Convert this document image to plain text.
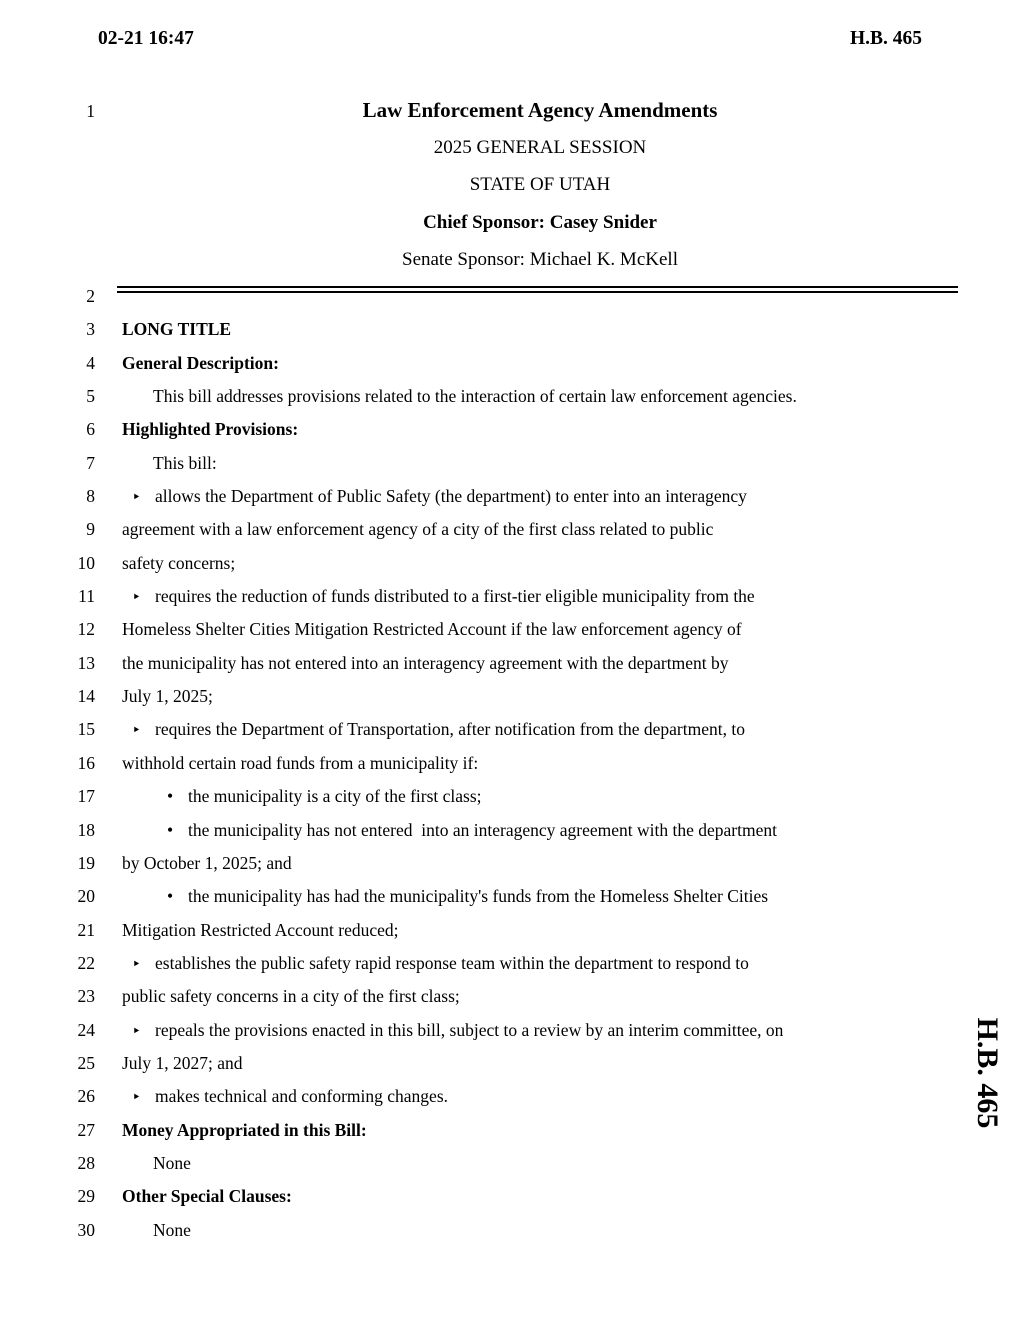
02-21 16:47	H.B. 465
1	Law Enforcement Agency Amendments
2025 GENERAL SESSION
STATE OF UTAH
Chief Sponsor: Casey Snider
Senate Sponsor: Michael K. McKell
2
3	LONG TITLE
4	General Description:
5	This bill addresses provisions related to the interaction of certain law enforcement agencies.
6	Highlighted Provisions:
7	This bill:
8	‣ allows the Department of Public Safety (the department) to enter into an interagency
9	agreement with a law enforcement agency of a city of the first class related to public
10	safety concerns;
11	‣ requires the reduction of funds distributed to a first-tier eligible municipality from the
12	Homeless Shelter Cities Mitigation Restricted Account if the law enforcement agency of
13	the municipality has not entered into an interagency agreement with the department by
14	July 1, 2025;
15	‣ requires the Department of Transportation, after notification from the department, to
16	withhold certain road funds from a municipality if:
17	• the municipality is a city of the first class;
18	• the municipality has not entered  into an interagency agreement with the department
19	by October 1, 2025; and
20	• the municipality has had the municipality's funds from the Homeless Shelter Cities
21	Mitigation Restricted Account reduced;
22	‣ establishes the public safety rapid response team within the department to respond to
23	public safety concerns in a city of the first class;
24	‣ repeals the provisions enacted in this bill, subject to a review by an interim committee, on
25	July 1, 2027; and
26	‣ makes technical and conforming changes.
27	Money Appropriated in this Bill:
28	None
29	Other Special Clauses:
30	None
H.B. 465
